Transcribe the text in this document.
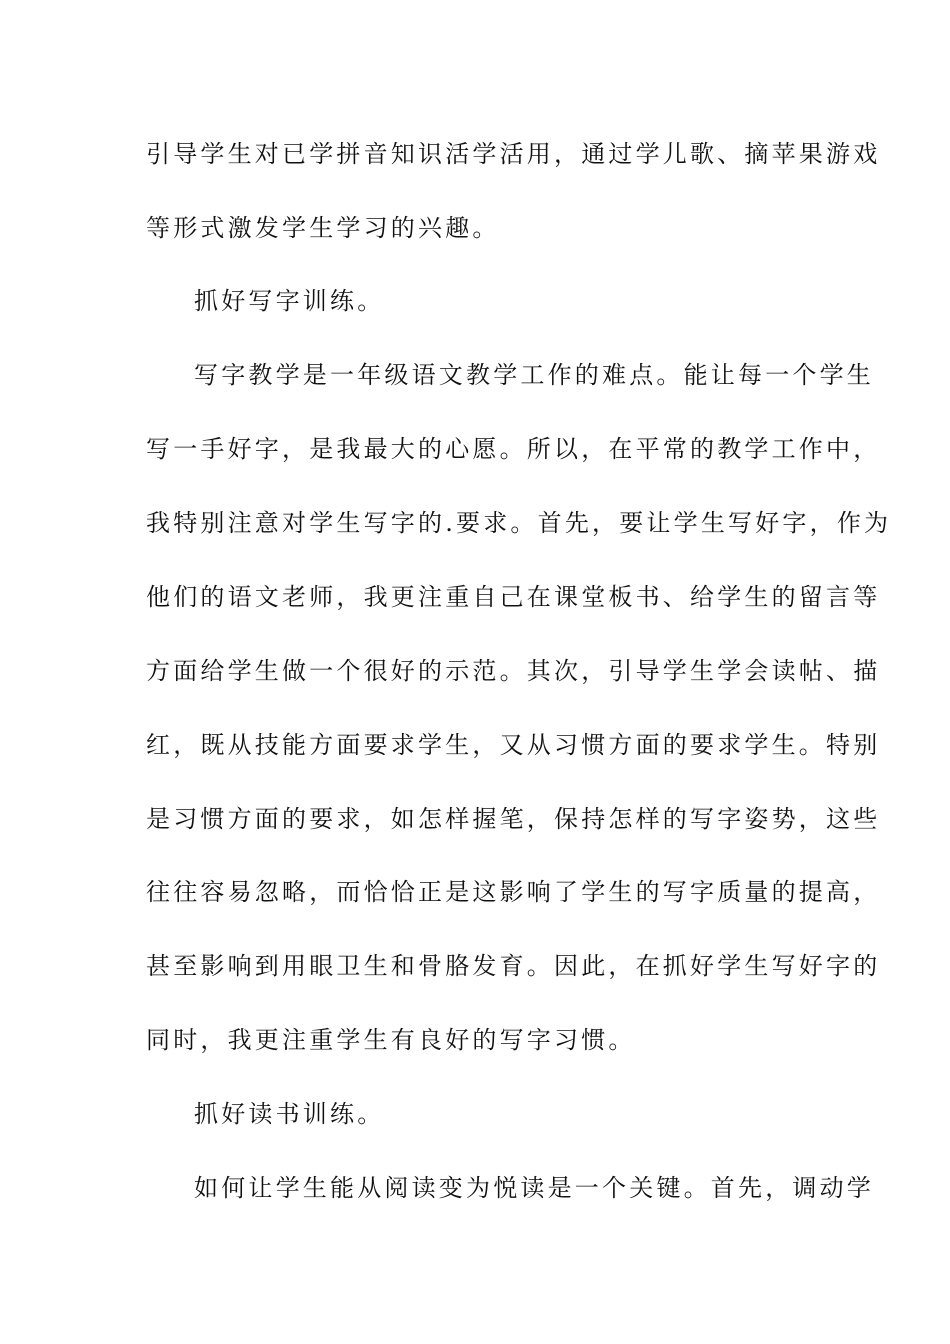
引导学生对已学拼音知识活学活用，通过学儿歌、摘苹果游戏
等形式激发学生学习的兴趣。
抓好写字训练。
写字教学是一年级语文教学工作的难点。能让每一个学生
写一手好字，是我最大的心愿。所以，在平常的教学工作中，
我特别注意对学生写字的.要求。首先，要让学生写好字，作为
他们的语文老师，我更注重自己在课堂板书、给学生的留言等
方面给学生做一个很好的示范。其次，引导学生学会读帖、描
红，既从技能方面要求学生，又从习惯方面的要求学生。特别
是习惯方面的要求，如怎样握笔，保持怎样的写字姿势，这些
往往容易忽略，而恰恰正是这影响了学生的写字质量的提高，
甚至影响到用眼卫生和骨胳发育。因此，在抓好学生写好字的
同时，我更注重学生有良好的写字习惯。
抓好读书训练。
如何让学生能从阅读变为悦读是一个关键。首先，调动学
